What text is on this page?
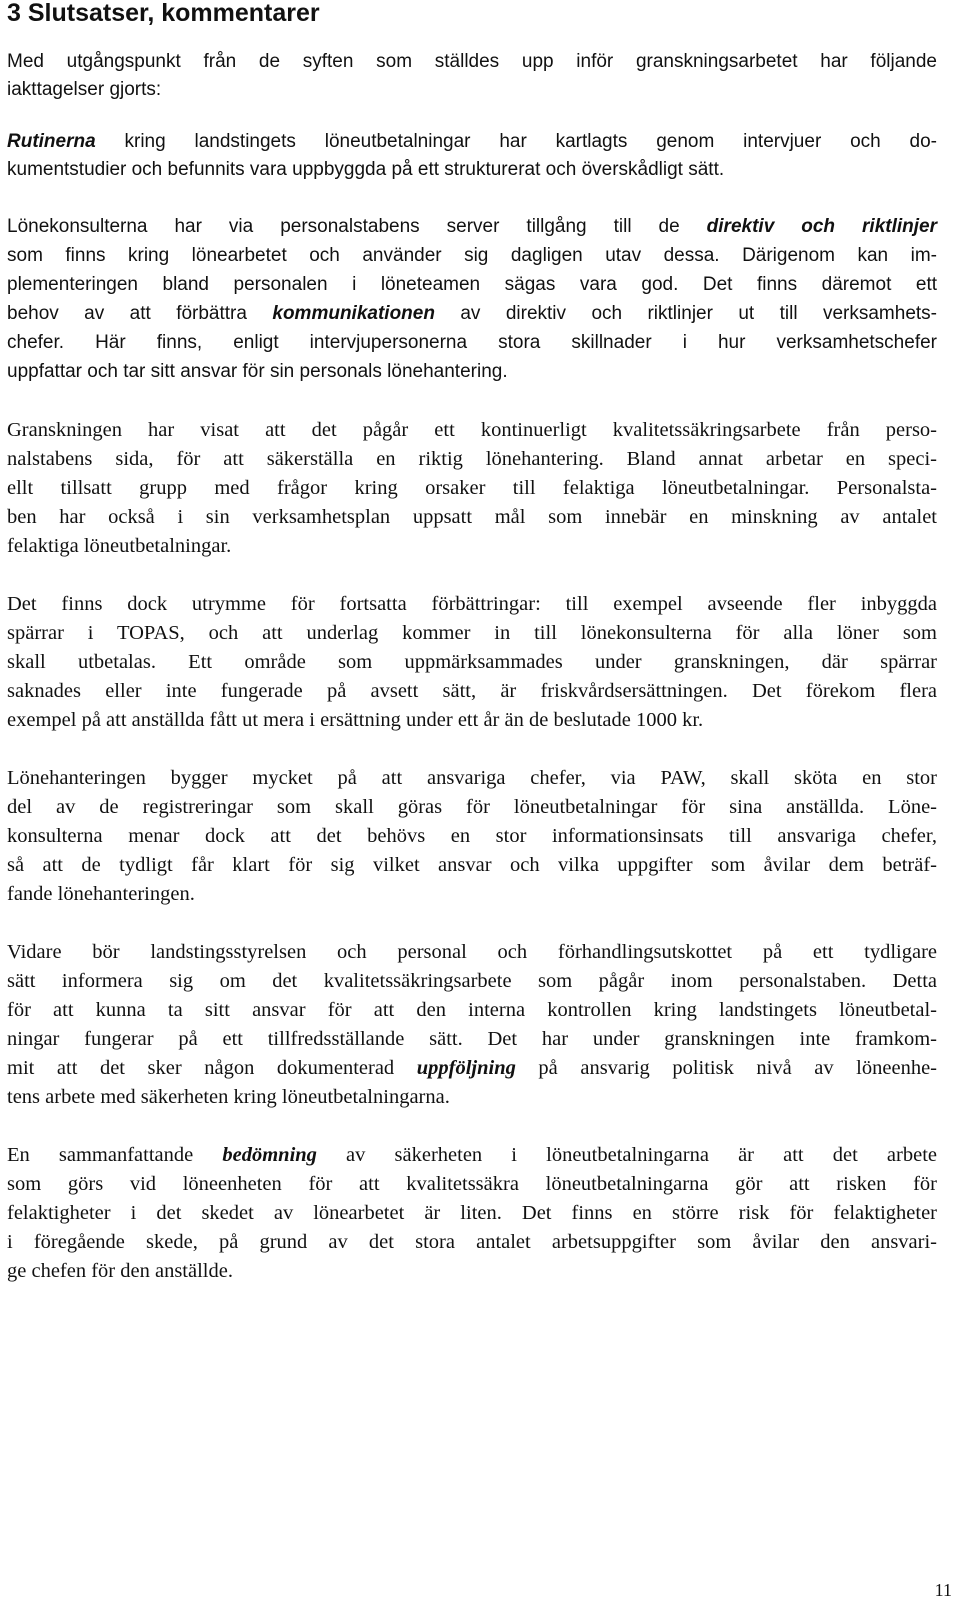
3 Slutsatser, kommentarer
Med utgångspunkt från de syften som ställdes upp inför granskningsarbetet har följande
iakttagelser gjorts:
Rutinerna kring landstingets löneutbetalningar har kartlagts genom intervjuer och do-
kumentstudier och befunnits vara uppbyggda på ett strukturerat och överskådligt sätt.
Lönekonsulterna har via personalstabens server tillgång till de direktiv och riktlinjer
som finns kring lönearbetet och använder sig dagligen utav dessa. Därigenom kan im-
plementeringen bland personalen i löneteamen sägas vara god. Det finns däremot ett
behov av att förbättra kommunikationen av direktiv och riktlinjer ut till verksamhets-
chefer. Här finns, enligt intervjupersonerna stora skillnader i hur verksamhetschefer
uppfattar och tar sitt ansvar för sin personals lönehantering.
Granskningen har visat att det pågår ett kontinuerligt kvalitetssäkringsarbete från perso-
nalstabens sida, för att säkerställa en riktig lönehantering. Bland annat arbetar en speci-
ellt tillsatt grupp med frågor kring orsaker till felaktiga löneutbetalningar. Personalsta-
ben har också i sin verksamhetsplan uppsatt mål som innebär en minskning av antalet
felaktiga löneutbetalningar.
Det finns dock utrymme för fortsatta förbättringar: till exempel avseende fler inbyggda
spärrar i TOPAS, och att underlag kommer in till lönekonsulterna för alla löner som
skall utbetalas. Ett område som uppmärksammades under granskningen, där spärrar
saknades eller inte fungerade på avsett sätt, är friskvårdsersättningen. Det förekom flera
exempel på att anställda fått ut mera i ersättning under ett år än de beslutade 1000 kr.
Lönehanteringen bygger mycket på att ansvariga chefer, via PAW, skall sköta en stor
del av de registreringar som skall göras för löneutbetalningar för sina anställda. Löne-
konsulterna menar dock att det behövs en stor informationsinsats till ansvariga chefer,
så att de tydligt får klart för sig vilket ansvar och vilka uppgifter som åvilar dem beträf-
fande lönehanteringen.
Vidare bör landstingsstyrelsen och personal och förhandlingsutskottet på ett tydligare
sätt informera sig om det kvalitetssäkringsarbete som pågår inom personalstaben. Detta
för att kunna ta sitt ansvar för att den interna kontrollen kring landstingets löneutbetal-
ningar fungerar på ett tillfredsställande sätt. Det har under granskningen inte framkom-
mit att det sker någon dokumenterad uppföljning på ansvarig politisk nivå av löneenhe-
tens arbete med säkerheten kring löneutbetalningarna.
En sammanfattande bedömning av säkerheten i löneutbetalningarna är att det arbete
som görs vid löneenheten för att kvalitetssäkra löneutbetalningarna gör att risken för
felaktigheter i det skedet av lönearbetet är liten. Det finns en större risk för felaktigheter
i föregående skede, på grund av det stora antalet arbetsuppgifter som åvilar den ansvari-
ge chefen för den anställde.
11
